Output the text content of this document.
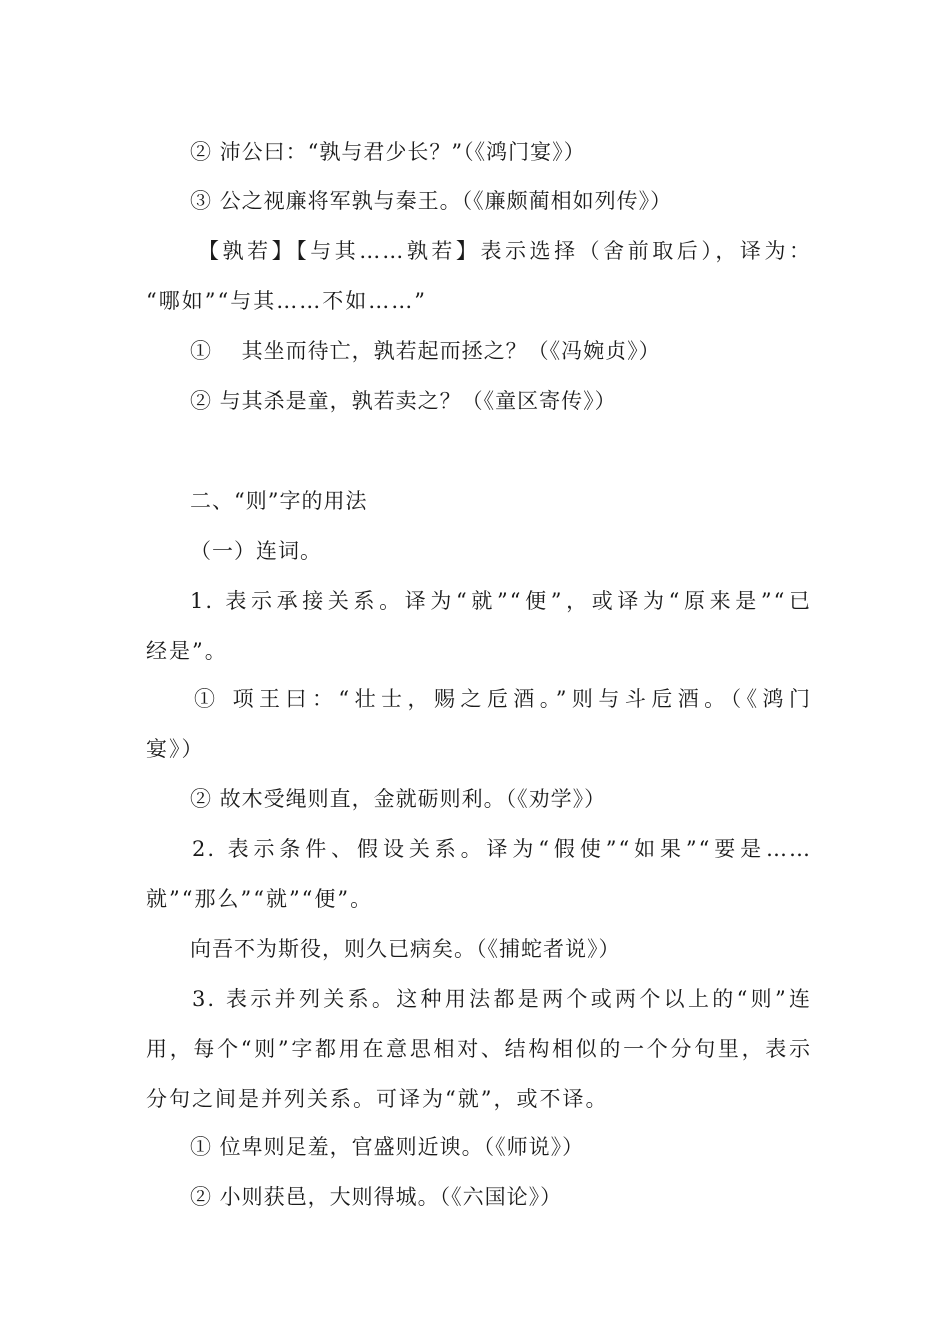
② 沛公曰：“孰与君少长？”（《鸿门宴》）
③ 公之视廉将军孰与秦王。（《廉颇蔺相如列传》）
【孰若】【与其……孰若】表示选择（舍前取后），译为：
“哪如”“与其……不如……”
①　 其坐而待亡，孰若起而拯之？（《冯婉贞》）
② 与其杀是童，孰若卖之？（《童区寄传》）
二、“则”字的用法
（一）连词。
1. 表示承接关系。译为“就”“便”，或译为“原来是”“已
经是”。
① 项王曰：“壮士，赐之卮酒。”则与斗卮酒。（《鸿门
宴》）
② 故木受绳则直，金就砺则利。（《劝学》）
2. 表示条件、假设关系。译为“假使”“如果”“要是……
就”“那么”“就”“便”。
向吾不为斯役，则久已病矣。（《捕蛇者说》）
3. 表示并列关系。这种用法都是两个或两个以上的“则”连
用，每个“则”字都用在意思相对、结构相似的一个分句里，表示
分句之间是并列关系。可译为“就”，或不译。
① 位卑则足羞，官盛则近谀。（《师说》）
② 小则获邑，大则得城。（《六国论》）
